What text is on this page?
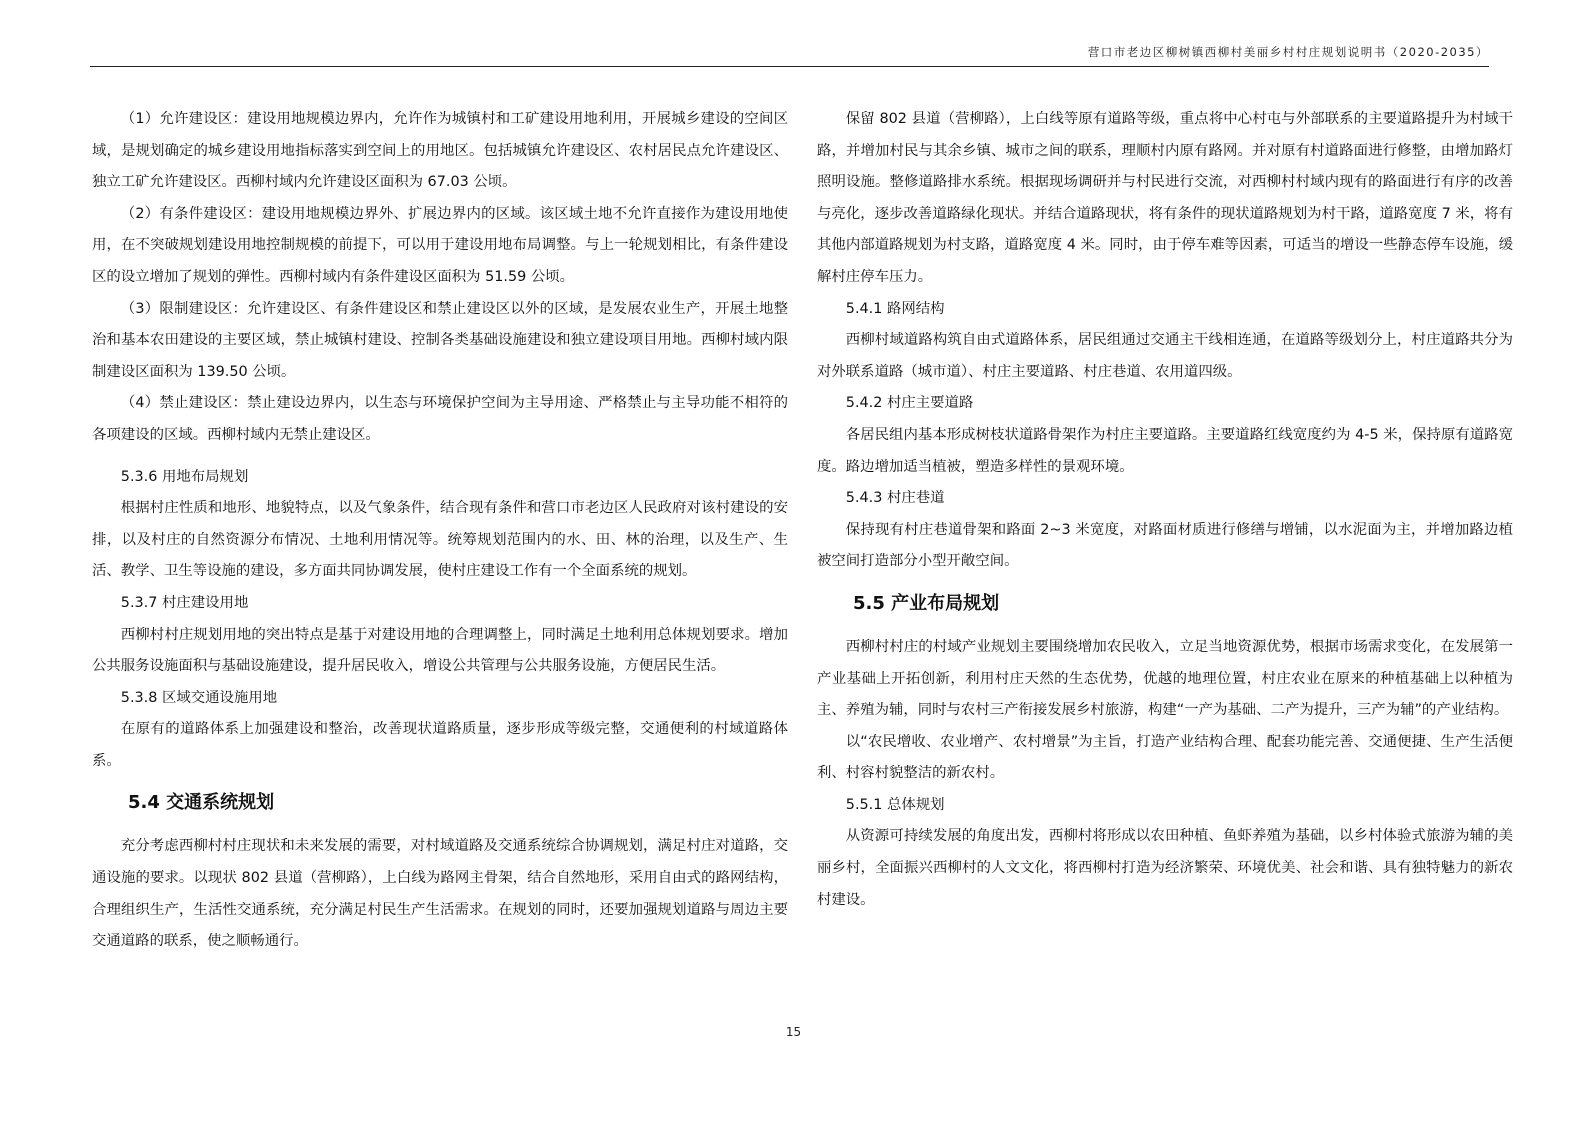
营口市老边区柳树镇西柳村美丽乡村村庄规划说明书（2020-2035）

（1）允许建设区：建设用地规模边界内，允许作为城镇村和工矿建设用地利用，开展城乡建设的空间区域，是规划确定的城乡建设用地指标落实到空间上的用地区。包括城镇允许建设区、农村居民点允许建设区、独立工矿允许建设区。西柳村域内允许建设区面积为 67.03 公顷。

（2）有条件建设区：建设用地规模边界外、扩展边界内的区域。该区域土地不允许直接作为建设用地使用，在不突破规划建设用地控制规模的前提下，可以用于建设用地布局调整。与上一轮规划相比，有条件建设区的设立增加了规划的弹性。西柳村域内有条件建设区面积为 51.59 公顷。

（3）限制建设区：允许建设区、有条件建设区和禁止建设区以外的区域，是发展农业生产，开展土地整治和基本农田建设的主要区域，禁止城镇村建设、控制各类基础设施建设和独立建设项目用地。西柳村域内限制建设区面积为 139.50 公顷。

（4）禁止建设区：禁止建设边界内，以生态与环境保护空间为主导用途、严格禁止与主导功能不相符的各项建设的区域。西柳村域内无禁止建设区。

5.3.6 用地布局规划

根据村庄性质和地形、地貌特点，以及气象条件，结合现有条件和营口市老边区人民政府对该村建设的安排，以及村庄的自然资源分布情况、土地利用情况等。统筹规划范围内的水、田、林的治理，以及生产、生活、教学、卫生等设施的建设，多方面共同协调发展，使村庄建设工作有一个全面系统的规划。

5.3.7 村庄建设用地

西柳村村庄规划用地的突出特点是基于对建设用地的合理调整上，同时满足土地利用总体规划要求。增加公共服务设施面积与基础设施建设，提升居民收入，增设公共管理与公共服务设施，方便居民生活。

5.3.8 区域交通设施用地

在原有的道路体系上加强建设和整治，改善现状道路质量，逐步形成等级完整，交通便利的村域道路体系。

5.4 交通系统规划

充分考虑西柳村村庄现状和未来发展的需要，对村域道路及交通系统综合协调规划，满足村庄对道路，交通设施的要求。以现状 802 县道（营柳路），上白线为路网主骨架，结合自然地形，采用自由式的路网结构，合理组织生产，生活性交通系统，充分满足村民生产生活需求。在规划的同时，还要加强规划道路与周边主要交通道路的联系，使之顺畅通行。

保留 802 县道（营柳路），上白线等原有道路等级，重点将中心村屯与外部联系的主要道路提升为村域干路，并增加村民与其余乡镇、城市之间的联系，理顺村内原有路网。并对原有村道路面进行修整，由增加路灯照明设施。整修道路排水系统。根据现场调研并与村民进行交流，对西柳村村域内现有的路面进行有序的改善与亮化，逐步改善道路绿化现状。并结合道路现状，将有条件的现状道路规划为村干路，道路宽度 7 米，将有其他内部道路规划为村支路，道路宽度 4 米。同时，由于停车难等因素，可适当的增设一些静态停车设施，缓解村庄停车压力。

5.4.1 路网结构

西柳村域道路构筑自由式道路体系，居民组通过交通主干线相连通，在道路等级划分上，村庄道路共分为对外联系道路（城市道）、村庄主要道路、村庄巷道、农用道四级。

5.4.2 村庄主要道路

各居民组内基本形成树枝状道路骨架作为村庄主要道路。主要道路红线宽度约为 4-5 米，保持原有道路宽度。路边增加适当植被，塑造多样性的景观环境。

5.4.3 村庄巷道

保持现有村庄巷道骨架和路面 2~3 米宽度，对路面材质进行修缮与增铺，以水泥面为主，并增加路边植被空间打造部分小型开敞空间。

5.5 产业布局规划

西柳村村庄的村域产业规划主要围绕增加农民收入，立足当地资源优势，根据市场需求变化，在发展第一产业基础上开拓创新，利用村庄天然的生态优势，优越的地理位置，村庄农业在原来的种植基础上以种植为主、养殖为辅，同时与农村三产衔接发展乡村旅游，构建“一产为基础、二产为提升，三产为辅”的产业结构。

以“农民增收、农业增产、农村增景”为主旨，打造产业结构合理、配套功能完善、交通便捷、生产生活便利、村容村貌整洁的新农村。

5.5.1 总体规划

从资源可持续发展的角度出发，西柳村将形成以农田种植、鱼虾养殖为基础，以乡村体验式旅游为辅的美丽乡村，全面振兴西柳村的人文文化，将西柳村打造为经济繁荣、环境优美、社会和谐、具有独特魅力的新农村建设。

15
